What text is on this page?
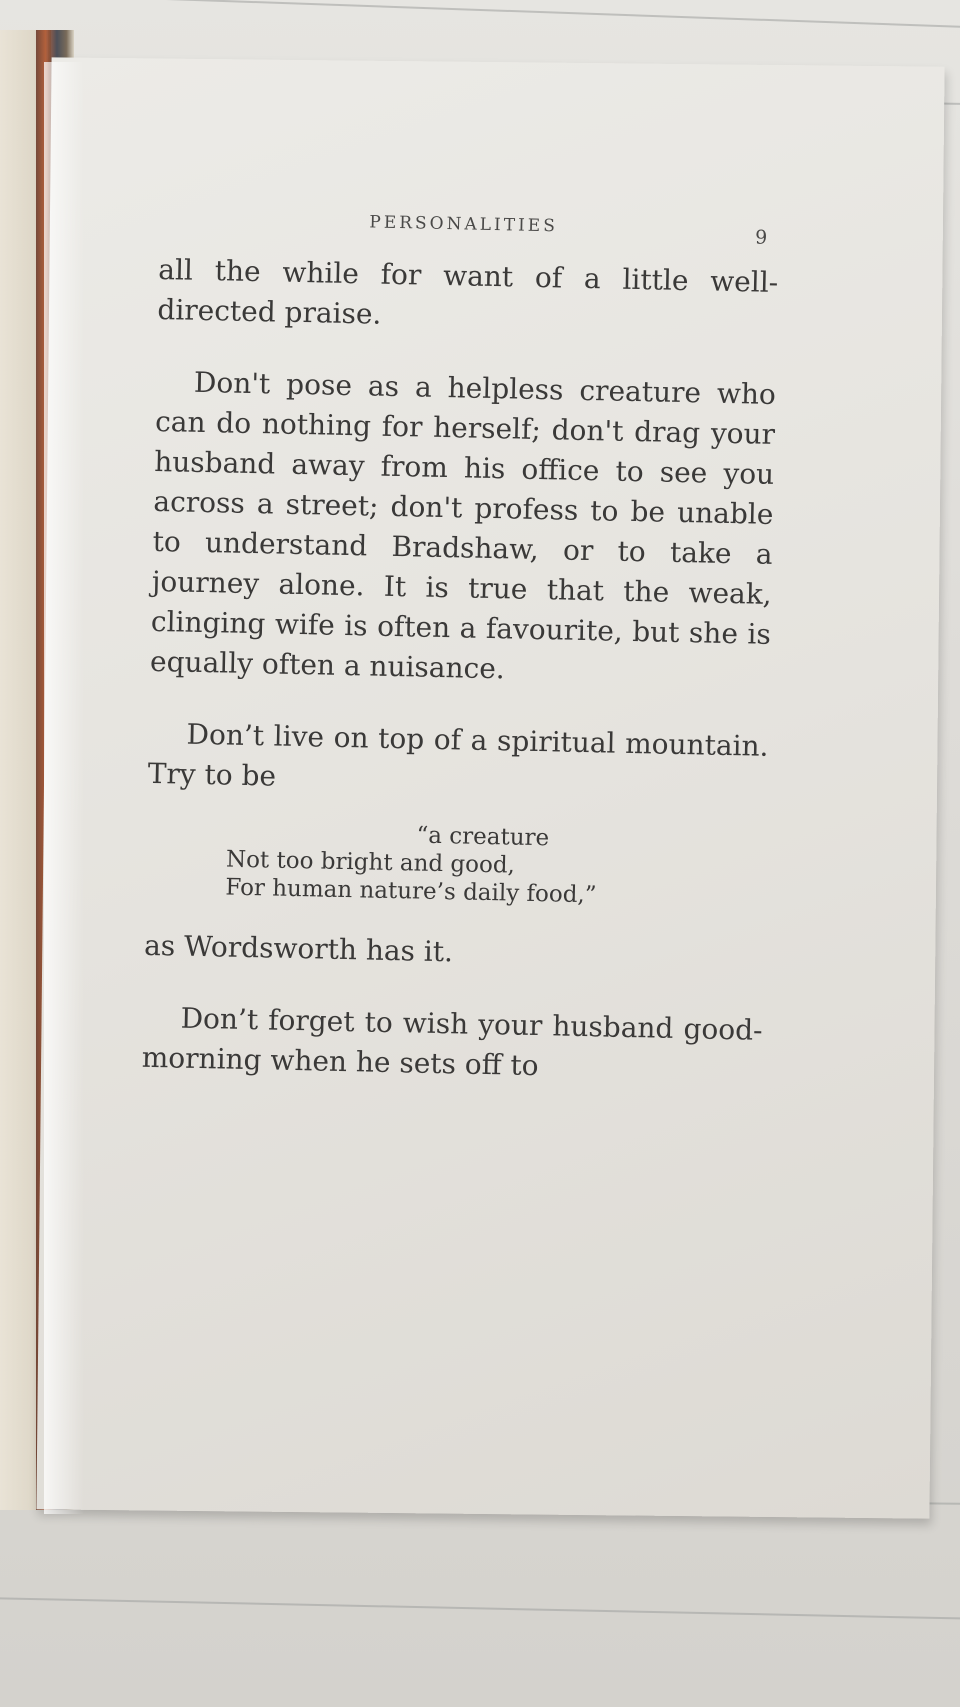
PERSONALITIES
9

all the while for want of a little well-directed praise.

Don't pose as a helpless creature who can do nothing for herself; don't drag your husband away from his office to see you across a street; don't profess to be unable to understand Bradshaw, or to take a journey alone. It is true that the weak, clinging wife is often a favourite, but she is equally often a nuisance.

Don’t live on top of a spiritual mountain. Try to be

“a creature
Not too bright and good,
For human nature’s daily food,”

as Wordsworth has it.

Don’t forget to wish your husband good-morning when he sets off to
